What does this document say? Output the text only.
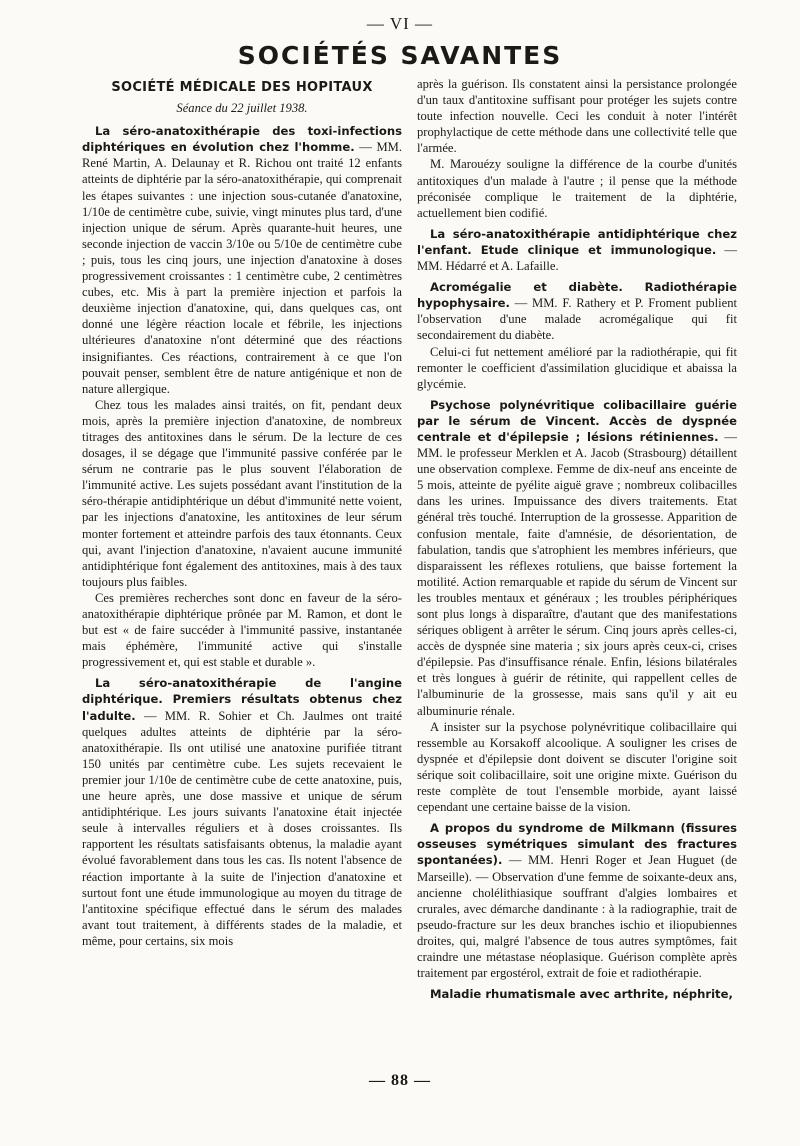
— VI —
SOCIÉTÉS SAVANTES
SOCIÉTÉ MÉDICALE DES HOPITAUX
Séance du 22 juillet 1938.

La séro-anatoxithérapie des toxi-infections diphtériques en évolution chez l'homme. — MM. René Martin, A. Delaunay et R. Richou ont traité 12 enfants atteints de diphtérie par la séro-anatoxithérapie, qui comprenait les étapes suivantes : une injection sous-cutanée d'anatoxine, 1/10e de centimètre cube, suivie, vingt minutes plus tard, d'une injection unique de sérum. Après quarante-huit heures, une seconde injection de vaccin 3/10e ou 5/10e de centimètre cube ; puis, tous les cinq jours, une injection d'anatoxine à doses progressivement croissantes : 1 centimètre cube, 2 centimètres cubes, etc. Mis à part la première injection et parfois la deuxième injection d'anatoxine, qui, dans quelques cas, ont donné une légère réaction locale et fébrile, les injections ultérieures d'anatoxine n'ont déterminé que des réactions insignifiantes. Ces réactions, contrairement à ce que l'on pouvait penser, semblent être de nature antigénique et non de nature allergique.

Chez tous les malades ainsi traités, on fit, pendant deux mois, après la première injection d'anatoxine, de nombreux titrages des antitoxines dans le sérum. De la lecture de ces dosages, il se dégage que l'immunité passive conférée par le sérum ne contrarie pas le plus souvent l'élaboration de l'immunité active. Les sujets possédant avant l'institution de la séro-thérapie antidiphtérique un début d'immunité nette voient, par les injections d'anatoxine, les antitoxines de leur sérum monter fortement et atteindre parfois des taux étonnants. Ceux qui, avant l'injection d'anatoxine, n'avaient aucune immunité antidiphtérique font également des antitoxines, mais à des taux toujours plus faibles.

Ces premières recherches sont donc en faveur de la séro-anatoxithérapie diphtérique prônée par M. Ramon, et dont le but est « de faire succéder à l'immunité passive, instantanée mais éphémère, l'immunité active qui s'installe progressivement et, qui est stable et durable ».

La séro-anatoxithérapie de l'angine diphtérique. Premiers résultats obtenus chez l'adulte. — MM. R. Sohier et Ch. Jaulmes ont traité quelques adultes atteints de diphtérie par la séro-anatoxithérapie. Ils ont utilisé une anatoxine purifiée titrant 150 unités par centimètre cube. Les sujets recevaient le premier jour 1/10e de centimètre cube de cette anatoxine, puis, une heure après, une dose massive et unique de sérum antidiphtérique. Les jours suivants l'anatoxine était injectée seule à intervalles réguliers et à doses croissantes. Ils rapportent les résultats satisfaisants obtenus, la maladie ayant évolué favorablement dans tous les cas. Ils notent l'absence de réaction importante à la suite de l'injection d'anatoxine et surtout font une étude immunologique au moyen du titrage de l'antitoxine spécifique effectué dans le sérum des malades avant tout traitement, à différents stades de la maladie, et même, pour certains, six mois

après la guérison. Ils constatent ainsi la persistance prolongée d'un taux d'antitoxine suffisant pour protéger les sujets contre toute infection nouvelle. Ceci les conduit à noter l'intérêt prophylactique de cette méthode dans une collectivité telle que l'armée.

M. Marouézy souligne la différence de la courbe d'unités antitoxiques d'un malade à l'autre ; il pense que la méthode préconisée complique le traitement de la diphtérie, actuellement bien codifié.

La séro-anatoxithérapie antidiphtérique chez l'enfant. Etude clinique et immunologique. — MM. Hédarré et A. Lafaille.

Acromégalie et diabète. Radiothérapie hypophysaire. — MM. F. Rathery et P. Froment publient l'observation d'une malade acromégalique qui fit secondairement du diabète.

Celui-ci fut nettement amélioré par la radiothérapie, qui fit remonter le coefficient d'assimilation glucidique et abaissa la glycémie.

Psychose polynévritique colibacillaire guérie par le sérum de Vincent. Accès de dyspnée centrale et d'épilepsie ; lésions rétiniennes. — MM. le professeur Merklen et A. Jacob (Strasbourg) détaillent une observation complexe. Femme de dix-neuf ans enceinte de 5 mois, atteinte de pyélite aiguë grave ; nombreux colibacilles dans les urines. Impuissance des divers traitements. Etat général très touché. Interruption de la grossesse. Apparition de confusion mentale, faite d'amnésie, de désorientation, de fabulation, tandis que s'atrophient les membres inférieurs, que disparaissent les réflexes rotuliens, que baisse fortement la motilité. Action remarquable et rapide du sérum de Vincent sur les troubles mentaux et généraux ; les troubles périphériques sont plus longs à disparaître, d'autant que des manifestations sériques obligent à arrêter le sérum. Cinq jours après celles-ci, accès de dyspnée sine materia ; six jours après ceux-ci, crises d'épilepsie. Pas d'insuffisance rénale. Enfin, lésions bilatérales et très longues à guérir de rétinite, qui rappellent celles de l'albuminurie de la grossesse, mais sans qu'il y ait eu albuminurie rénale.

A insister sur la psychose polynévritique colibacillaire qui ressemble au Korsakoff alcoolique. A souligner les crises de dyspnée et d'épilepsie dont doivent se discuter l'origine soit sérique soit colibacillaire, soit une origine mixte. Guérison du reste complète de tout l'ensemble morbide, ayant laissé cependant une certaine baisse de la vision.

A propos du syndrome de Milkmann (fissures osseuses symétriques simulant des fractures spontanées). — MM. Henri Roger et Jean Huguet (de Marseille). — Observation d'une femme de soixante-deux ans, ancienne cholélithiasique souffrant d'algies lombaires et crurales, avec démarche dandinante : à la radiographie, trait de pseudo-fracture sur les deux branches ischio et iliopubiennes droites, qui, malgré l'absence de tous autres symptômes, fait craindre une métastase néoplasique. Guérison complète après traitement par ergostérol, extrait de foie et radiothérapie.

Maladie rhumatismale avec arthrite, néphrite,

— 88 —
